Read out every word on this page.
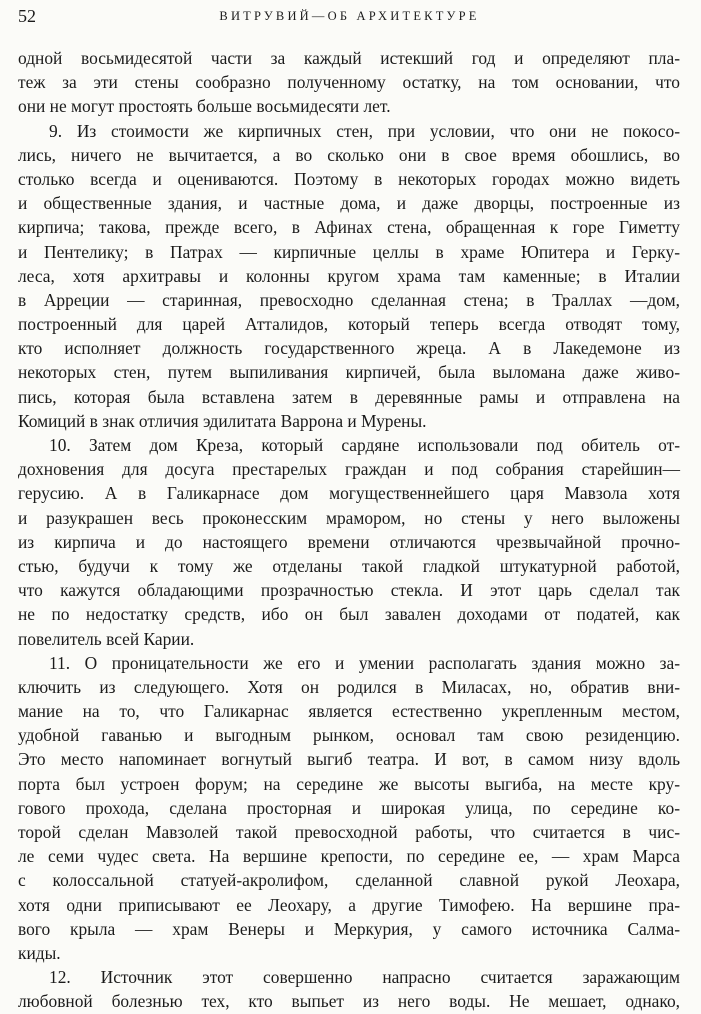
52	ВИТРУВИЙ—ОБ АРХИТЕКТУРЕ
одной восьмидесятой части за каждый истекший год и определяют пла-
теж за эти стены сообразно полученному остатку, на том основании, что
они не могут простоять больше восьмидесяти лет.
9. Из стоимости же кирпичных стен, при условии, что они не покосо-
лись, ничего не вычитается, а во сколько они в свое время обошлись, во
столько всегда и оцениваются. Поэтому в некоторых городах можно видеть
и общественные здания, и частные дома, и даже дворцы, построенные из
кирпича; такова, прежде всего, в Афинах стена, обращенная к горе Гиметту
и Пентелику; в Патрах — кирпичные целлы в храме Юпитера и Геркy-
леса, хотя архитравы и колонны кругом храма там каменные; в Италии
в Арреции — старинная, превосходно сделанная стена; в Траллах —дом,
построенный для царей Атталидов, который теперь всегда отводят тому,
кто исполняет должность государственного жреца. А в Лакедемоне из
некоторых стен, путем выпиливания кирпичей, была выломана даже живо-
пись, которая была вставлена затем в деревянные рамы и отправлена на
Комиций в знак отличия эдилитата Варрона и Мурены.
10. Затем дом Креза, который сардяне использовали под обитель от-
дохновения для досуга престарелых граждан и под собрания старейшин—
герусию. А в Галикарнасе дом могущественнейшего царя Мавзола хотя
и разукрашен весь проконесским мрамором, но стены у него выложены
из кирпича и до настоящего времени отличаются чрезвычайной прочно-
стью, будучи к тому же отделаны такой гладкой штукатурной работой,
что кажутся обладающими прозрачностью стекла. И этот царь сделал так
не по недостатку средств, ибо он был завален доходами от податей, как
повелитель всей Карии.
11. О проницательности же его и умении располагать здания можно за-
ключить из следующего. Хотя он родился в Миласах, но, обратив вни-
мание на то, что Галикарнас является естественно укрепленным местом,
удобной гаванью и выгодным рынком, основал там свою резиденцию.
Это место напоминает вогнутый выгиб театра. И вот, в самом низу вдоль
порта был устроен форум; на середине же высоты выгиба, на месте кру-
гового прохода, сделана просторная и широкая улица, по середине ко-
торой сделан Мавзолей такой превосходной работы, что считается в чис-
ле семи чудес света. На вершине крепости, по середине ее, — храм Марса
с колоссальной статуей-акролифом, сделанной славной рукой Леохара,
хотя одни приписывают ее Леохару, а другие Тимофею. На вершине пра-
вого крыла — храм Венеры и Меркурия, у самого источника Салма-
киды.
12. Источник этот совершенно напрасно считается заражающим
любовной болезнью тех, кто выпьет из него воды. Не мешает, однако,
